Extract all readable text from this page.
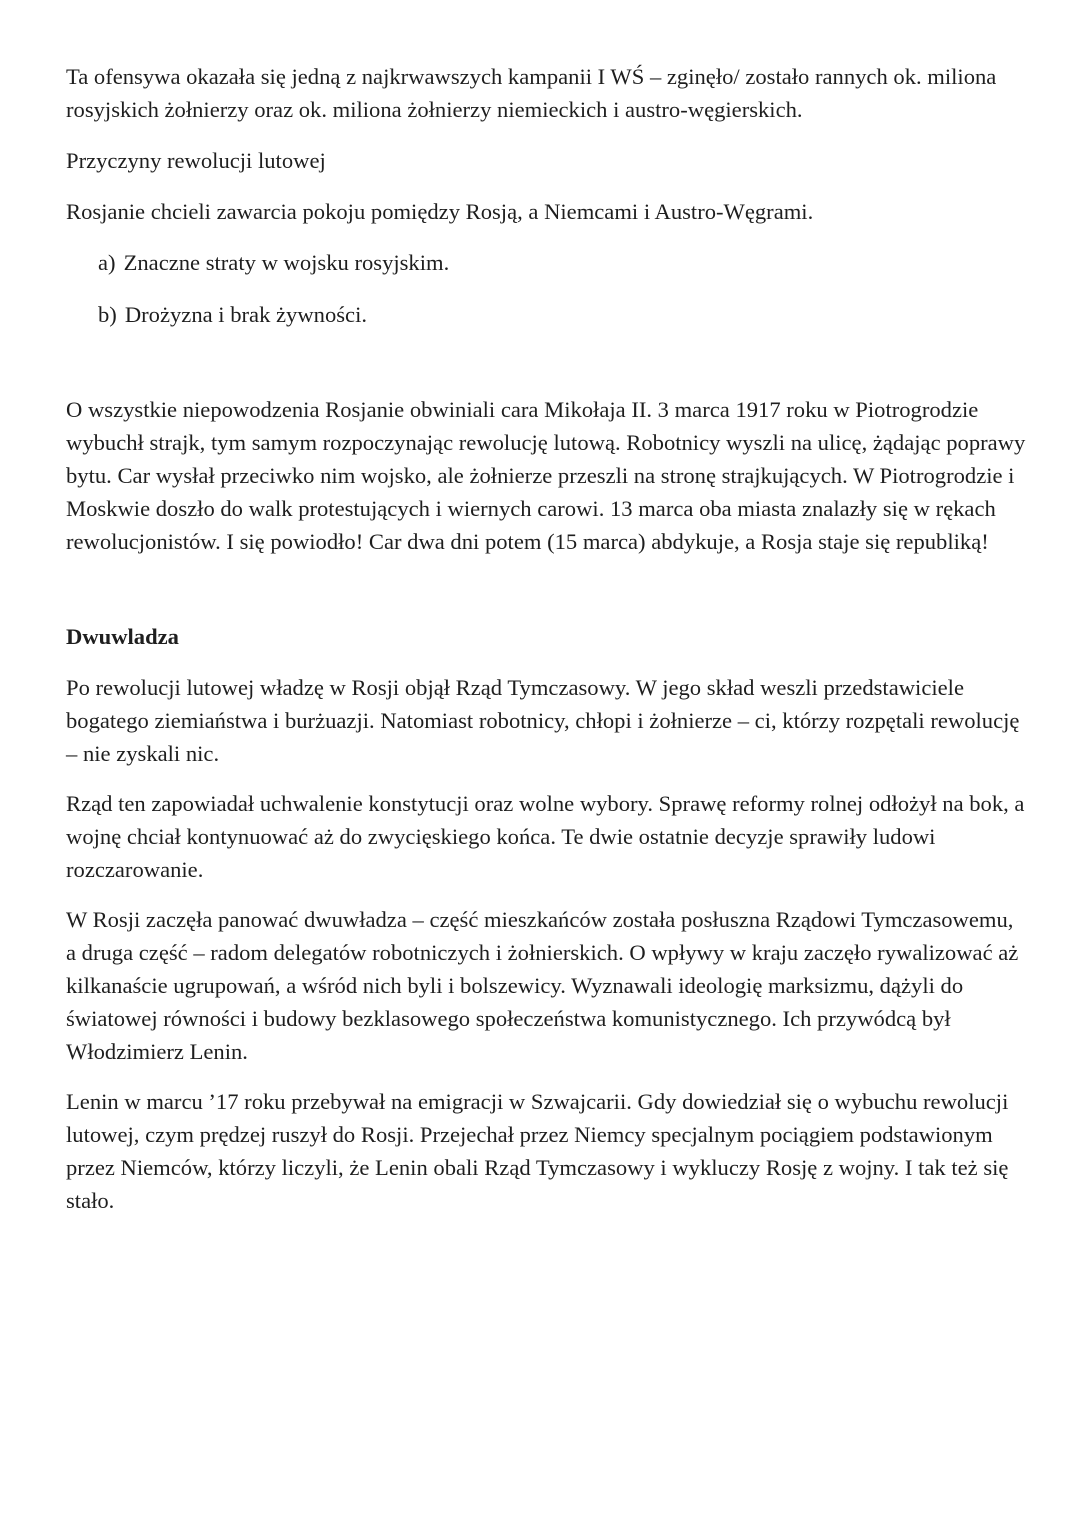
Ta ofensywa okazała się jedną z najkrwawszych kampanii I WŚ – zginęło/ zostało rannych ok. miliona rosyjskich żołnierzy oraz ok. miliona żołnierzy niemieckich i austro-węgierskich.

Przyczyny rewolucji lutowej

Rosjanie chcieli zawarcia pokoju pomiędzy Rosją, a Niemcami i Austro-Węgrami.

a) Znaczne straty w wojsku rosyjskim.
b) Drożyzna i brak żywności.

O wszystkie niepowodzenia Rosjanie obwiniali cara Mikołaja II. 3 marca 1917 roku w Piotrogrodzie wybuchł strajk, tym samym rozpoczynając rewolucję lutową. Robotnicy wyszli na ulicę, żądając poprawy bytu. Car wysłał przeciwko nim wojsko, ale żołnierze przeszli na stronę strajkujących. W Piotrogrodzie i Moskwie doszło do walk protestujących i wiernych carowi. 13 marca oba miasta znalazły się w rękach rewolucjonistów. I się powiodło! Car dwa dni potem (15 marca) abdykuje, a Rosja staje się republiką!

Dwuwladza

Po rewolucji lutowej władzę w Rosji objął Rząd Tymczasowy. W jego skład weszli przedstawiciele bogatego ziemiaństwa i burżuazji. Natomiast robotnicy, chłopi i żołnierze – ci, którzy rozpętali rewolucję – nie zyskali nic.

Rząd ten zapowiadał uchwalenie konstytucji oraz wolne wybory. Sprawę reformy rolnej odłożył na bok, a wojnę chciał kontynuować aż do zwycięskiego końca. Te dwie ostatnie decyzje sprawiły ludowi rozczarowanie.

W Rosji zaczęła panować dwuwładza – część mieszkańców została posłuszna Rządowi Tymczasowemu, a druga część – radom delegatów robotniczych i żołnierskich. O wpływy w kraju zaczęło rywalizować aż kilkanaście ugrupowań, a wśród nich byli i bolszewicy. Wyznawali ideologię marksizmu, dążyli do światowej równości i budowy bezklasowego społeczeństwa komunistycznego. Ich przywódcą był Włodzimierz Lenin.

Lenin w marcu ’17 roku przebywał na emigracji w Szwajcarii. Gdy dowiedział się o wybuchu rewolucji lutowej, czym prędzej ruszył do Rosji. Przejechał przez Niemcy specjalnym pociągiem podstawionym przez Niemców, którzy liczyli, że Lenin obali Rząd Tymczasowy i wykluczy Rosję z wojny. I tak też się stało.
